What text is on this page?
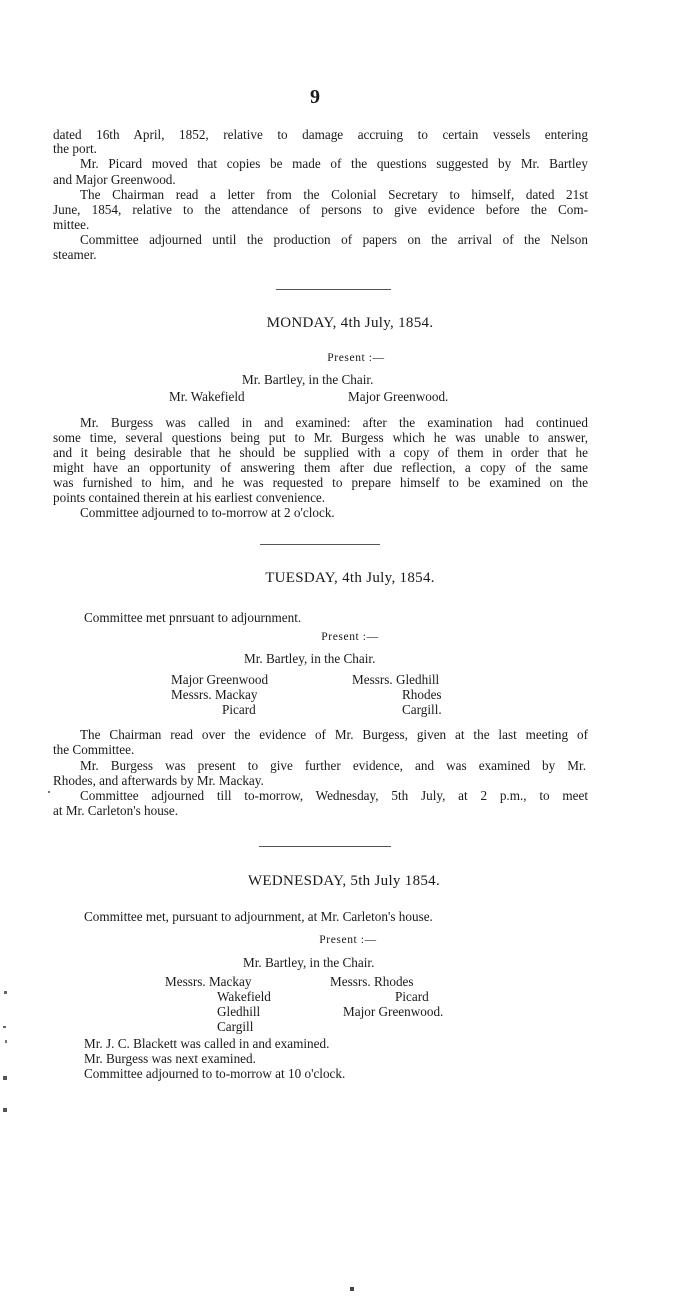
9
dated 16th April, 1852, relative to damage accruing to certain vessels entering
the port.
Mr. Picard moved that copies be made of the questions suggested by Mr. Bartley
and Major Greenwood.
The Chairman read a letter from the Colonial Secretary to himself, dated 21st
June, 1854, relative to the attendance of persons to give evidence before the Com-
mittee.
Committee adjourned until the production of papers on the arrival of the Nelson
steamer.
MONDAY, 4th July, 1854.
Present :—
Mr. Bartley, in the Chair.
Mr. Wakefield	Major Greenwood.
Mr. Burgess was called in and examined: after the examination had continued
some time, several questions being put to Mr. Burgess which he was unable to answer,
and it being desirable that he should be supplied with a copy of them in order that he
might have an opportunity of answering them after due reflection, a copy of the same
was furnished to him, and he was requested to prepare himself to be examined on the
points contained therein at his earliest convenience.
Committee adjourned to to-morrow at 2 o'clock.
TUESDAY, 4th July, 1854.
Committee met pnrsuant to adjournment.
Present :—
Mr. Bartley, in the Chair.
Major Greenwood
Messrs. Mackay
Picard
Messrs. Gledhill
Rhodes
Cargill.
The Chairman read over the evidence of Mr. Burgess, given at the last meeting of
the Committee.
Mr. Burgess was present to give further evidence, and was examined by Mr.
Rhodes, and afterwards by Mr. Mackay.
Committee adjourned till to-morrow, Wednesday, 5th July, at 2 p.m., to meet
at Mr. Carleton's house.
WEDNESDAY, 5th July 1854.
Committee met, pursuant to adjournment, at Mr. Carleton's house.
Present :—
Mr. Bartley, in the Chair.
Messrs. Mackay
Wakefield
Gledhill
Cargill
Messrs. Rhodes
Picard
Major Greenwood.
Mr. J. C. Blackett was called in and examined.
Mr. Burgess was next examined.
Committee adjourned to to-morrow at 10 o'clock.
